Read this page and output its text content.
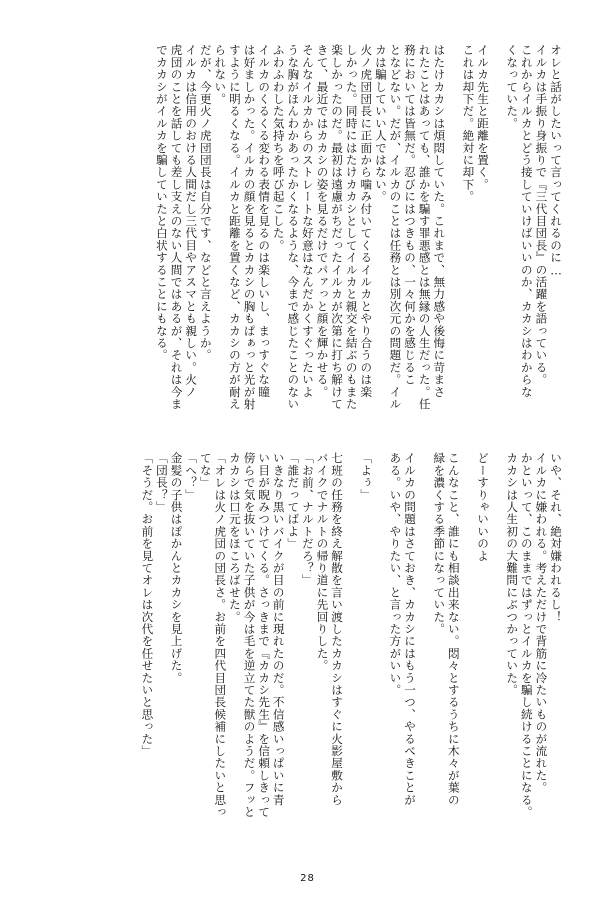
オレと話がしたいって言ってくれるのに…

イルカは手振り身振りで『三代目団長』の活躍を語っている。

これからイルカとどう接していけばいいのか、カカシはわからな

くなっていた。

イルカ先生と距離を置く。

これは却下だ。絶対に却下。

はたけカカシは煩悶していた。これまで、無力感や後悔に苛まさ

れたことはあっても、誰かを騙す罪悪感とは無縁の人生だった。任

務においては皆無だ。忍びにはつきもの、一々何かを感じるこ

となどない。だが、イルカのことは任務とは別次元の問題だ。イル

カは騙していい人ではない。

火ノ虎団団長に正面から噛み付いてくるイルカとやり合うのは楽

しかった。同時にはたけカカシとしてイルカと親交を結ぶのもまた

楽しかったのだ。最初は遠慮がちだったイルカが次第に打ち解けて

きて、最近ではカカシの姿を見るだけでパァっと顔を輝かせる。

そんなイルカからのストレートな好意はなんだかくすぐったいよ

うな胸がほんわかあったかくなるような、今まで感じたことのない

ふわふわした気持ちを呼び起こした。

イルカのくるくる変わる表情を見るのは楽しいし、まっすぐな瞳

は好ましかった。イルカの顔を見るとカカシの胸もぱぁっと光が射

すように明るくなる。イルカと距離を置くなど、カカシの方が耐え

られない。

だが、今更火ノ虎団団長は自分です、などと言えようか。

イルカは信用のおける人間だし三代目やアスマとも親しい。火ノ

虎団のことを話しても差し支えのない人間ではあるが、それは今ま

でカカシがイルカを騙していたと白状することにもなる。

いや、それ、絶対嫌われるし！

イルカに嫌われる。考えただけで背筋に冷たいものが流れた。

かといって、このままではずっとイルカを騙し続けることになる。

カカシは人生初の大難問にぶつかっていた。

どーすりゃいいのよ

こんなこと、誰にも相談出来ない。悶々とするうちに木々が葉の

緑を濃くする季節になっていた。

イルカの問題はさておき、カカシにはもう一つ、やるべきことが

ある。いや、やりたい、と言った方がいい。

「よぅ」

七班の任務を終え解散を言い渡したカカシはすぐに火影屋敷から

バイクでナルトの帰り道に先回りした。

「お前、ナルトだろ？」

「誰だってばよ」

いきなり黒いバイクが目の前に現れたのだ。不信感いっぱいに青

い目が睨みつけてくる。さっきまで『カカシ先生』を信頼しきって

傍らで気を抜いていた子供が今は毛を逆立てた獣のようだ。フッと

カカシは口元をほころばせた。

「オレは火ノ虎団の団長さ。お前を四代目団長候補にしたいと思っ

てな」

「へ？」

金髪の子供はぽかんとカカシを見上げた。

「団長？」

「そうだ。お前を見てオレは次代を任せたいと思った」

28
